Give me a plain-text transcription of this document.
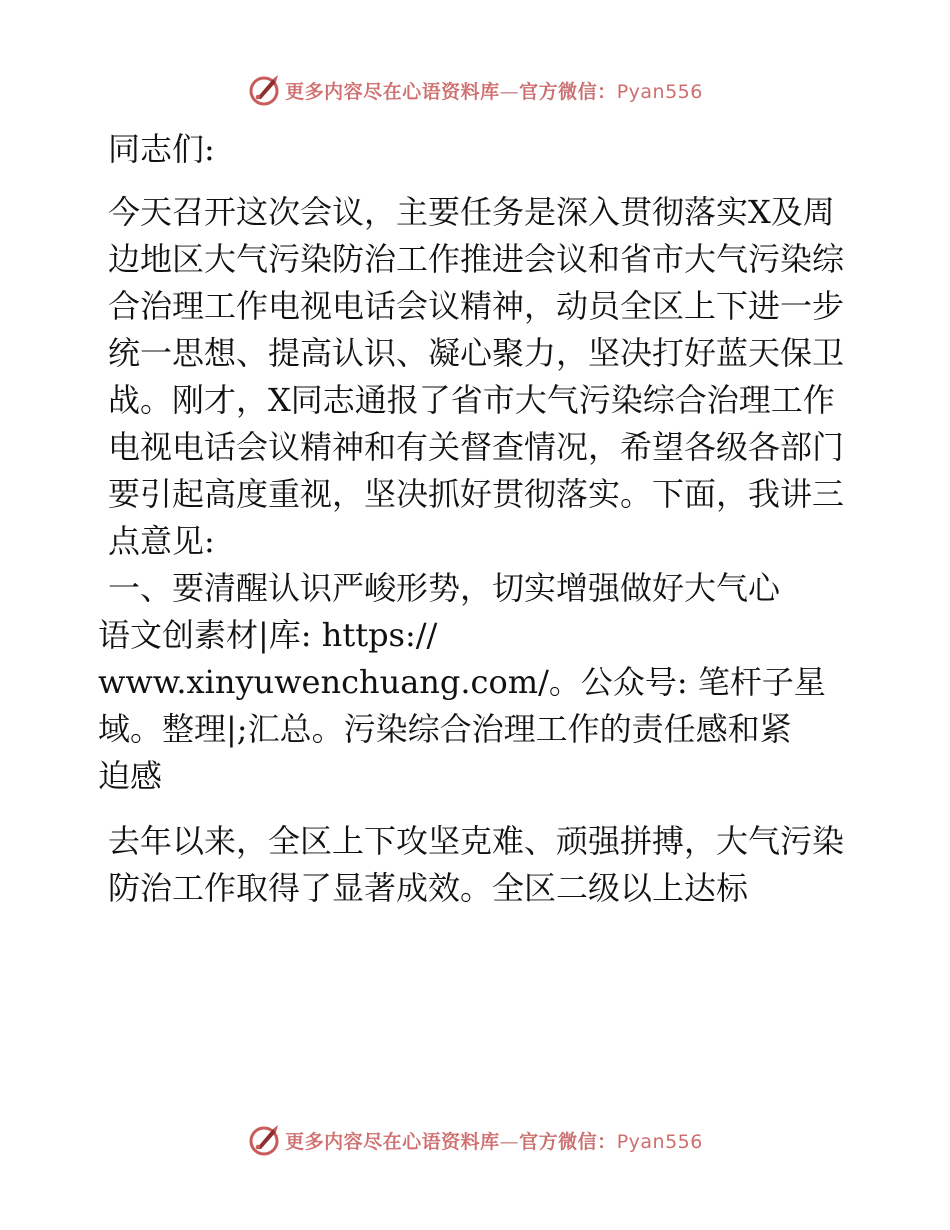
更多内容尽在心语资料库—官方微信：Pyan556

同志们:

今天召开这次会议，主要任务是深入贯彻落实X及周边地区大气污染防治工作推进会议和省市大气污染综合治理工作电视电话会议精神，动员全区上下进一步统一思想、提高认识、凝心聚力，坚决打好蓝天保卫战。刚才，X同志通报了省市大气污染综合治理工作电视电话会议精神和有关督查情况，希望各级各部门要引起高度重视，坚决抓好贯彻落实。下面，我讲三点意见:

一、要清醒认识严峻形势，切实增强做好大气心

语文创素材|库: https://

www.xinyuwenchuang.com/。公众号: 笔杆子星

域。整理|;汇总。污染综合治理工作的责任感和紧

迫感

去年以来，全区上下攻坚克难、顽强拼搏，大气污染防治工作取得了显著成效。全区二级以上达标

更多内容尽在心语资料库—官方微信：Pyan556
